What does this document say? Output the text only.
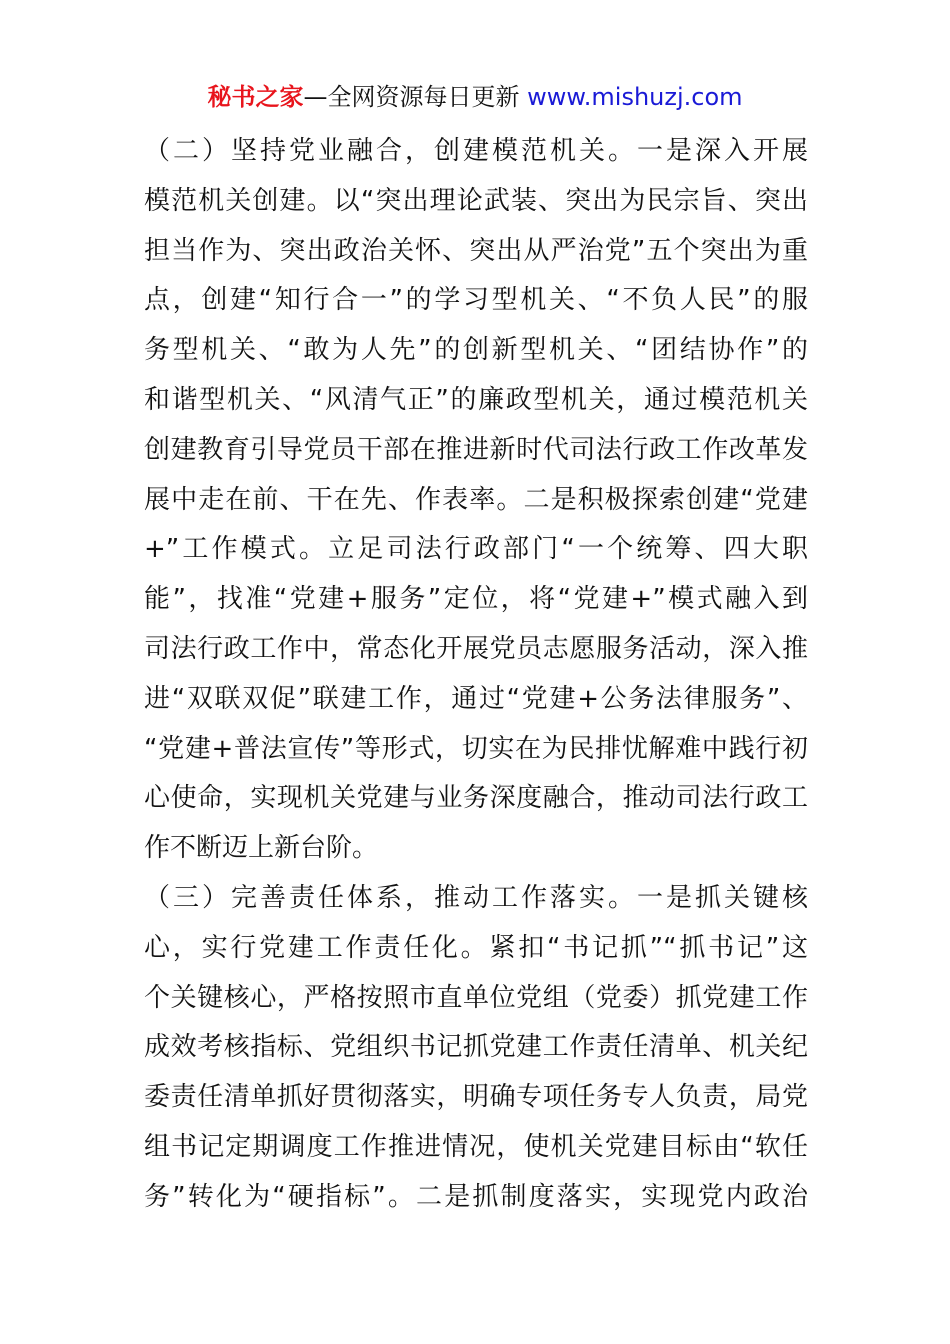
秘书之家—全网资源每日更新 www.mishuzj.com
（二）坚持党业融合，创建模范机关。一是深入开展
模范机关创建。以“突出理论武装、突出为民宗旨、突出
担当作为、突出政治关怀、突出从严治党”五个突出为重
点，创建“知行合一”的学习型机关、“不负人民”的服
务型机关、“敢为人先”的创新型机关、“团结协作”的
和谐型机关、“风清气正”的廉政型机关，通过模范机关
创建教育引导党员干部在推进新时代司法行政工作改革发
展中走在前、干在先、作表率。二是积极探索创建“党建
+”工作模式。立足司法行政部门“一个统筹、四大职
能”，找准“党建+服务”定位，将“党建+”模式融入到
司法行政工作中，常态化开展党员志愿服务活动，深入推
进“双联双促”联建工作，通过“党建+公务法律服务”、
“党建+普法宣传”等形式，切实在为民排忧解难中践行初
心使命，实现机关党建与业务深度融合，推动司法行政工
作不断迈上新台阶。
（三）完善责任体系，推动工作落实。一是抓关键核
心，实行党建工作责任化。紧扣“书记抓”“抓书记”这
个关键核心，严格按照市直单位党组（党委）抓党建工作
成效考核指标、党组织书记抓党建工作责任清单、机关纪
委责任清单抓好贯彻落实，明确专项任务专人负责，局党
组书记定期调度工作推进情况，使机关党建目标由“软任
务”转化为“硬指标”。二是抓制度落实，实现党内政治
